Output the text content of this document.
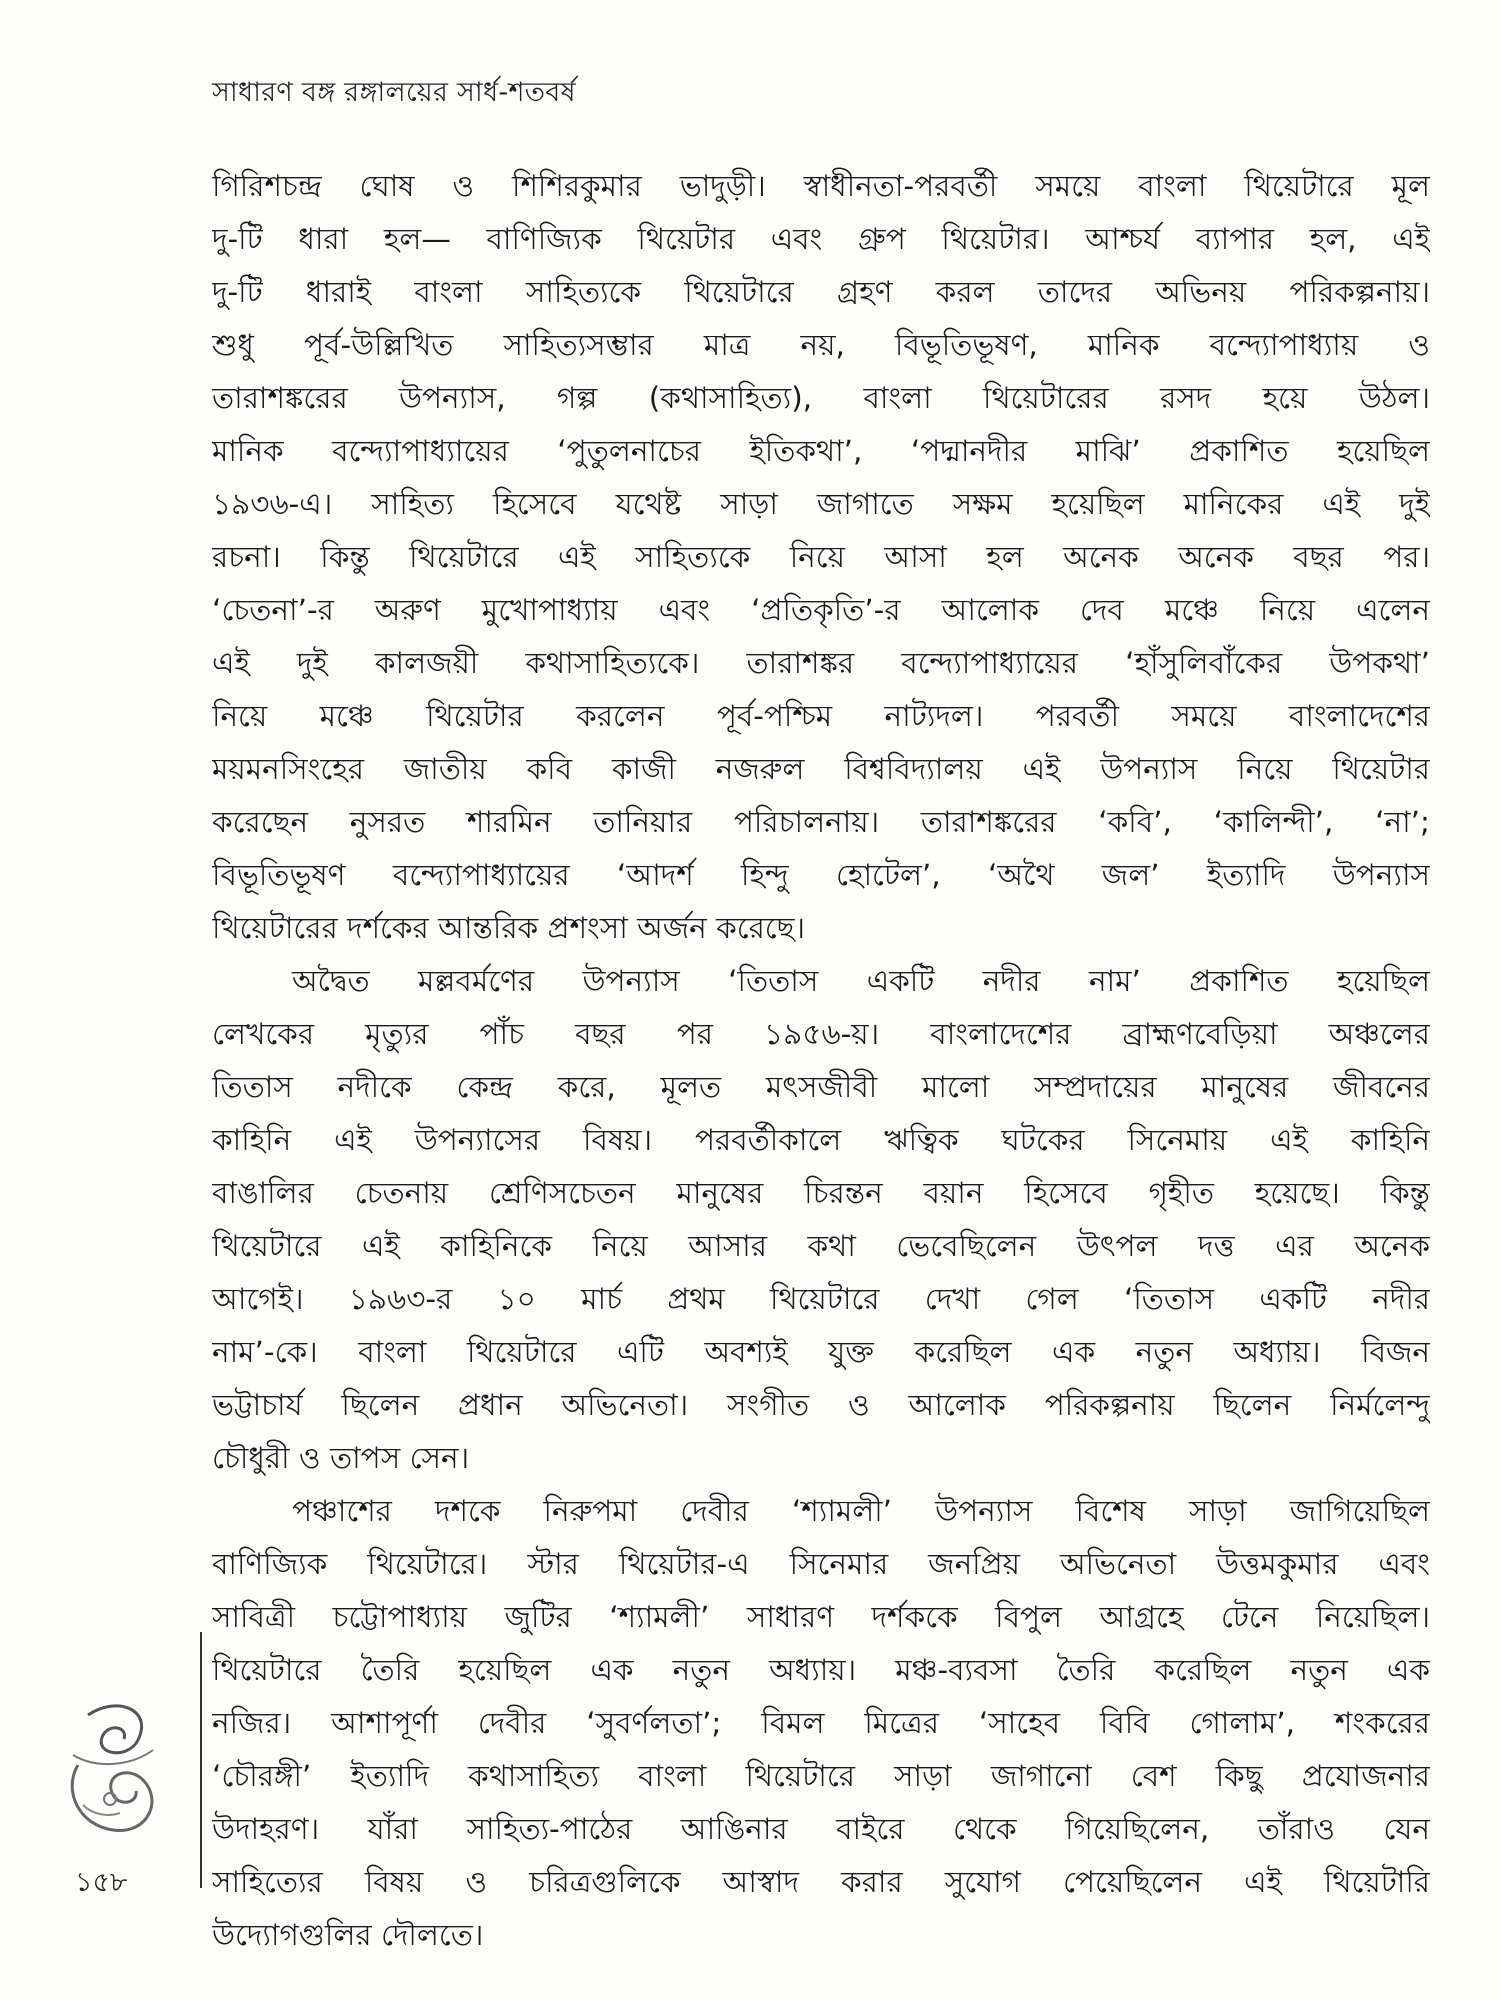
সাধারণ বঙ্গ রঙ্গালয়ের সার্ধ-শতবর্ষ
গিরিশচন্দ্র ঘোষ ও শিশিরকুমার ভাদুড়ী। স্বাধীনতা-পরবর্তী সময়ে বাংলা থিয়েটারে মূল
দু-টি ধারা হল— বাণিজ্যিক থিয়েটার এবং গ্রুপ থিয়েটার। আশ্চর্য ব্যাপার হল, এই
দু-টি ধারাই বাংলা সাহিত্যকে থিয়েটারে গ্রহণ করল তাদের অভিনয় পরিকল্পনায়।
শুধু পূর্ব-উল্লিখিত সাহিত্যসম্ভার মাত্র নয়, বিভূতিভূষণ, মানিক বন্দ্যোপাধ্যায় ও
তারাশঙ্করের উপন্যাস, গল্প (কথাসাহিত্য), বাংলা থিয়েটারের রসদ হয়ে উঠল।
মানিক বন্দ্যোপাধ্যায়ের ‘পুতুলনাচের ইতিকথা’, ‘পদ্মানদীর মাঝি’ প্রকাশিত হয়েছিল
১৯৩৬-এ। সাহিত্য হিসেবে যথেষ্ট সাড়া জাগাতে সক্ষম হয়েছিল মানিকের এই দুই
রচনা। কিন্তু থিয়েটারে এই সাহিত্যকে নিয়ে আসা হল অনেক অনেক বছর পর।
‘চেতনা’-র অরুণ মুখোপাধ্যায় এবং ‘প্রতিকৃতি’-র আলোক দেব মঞ্চে নিয়ে এলেন
এই দুই কালজয়ী কথাসাহিত্যকে। তারাশঙ্কর বন্দ্যোপাধ্যায়ের ‘হাঁসুলিবাঁকের উপকথা’
নিয়ে মঞ্চে থিয়েটার করলেন পূর্ব-পশ্চিম নাট্যদল। পরবর্তী সময়ে বাংলাদেশের
ময়মনসিংহের জাতীয় কবি কাজী নজরুল বিশ্ববিদ্যালয় এই উপন্যাস নিয়ে থিয়েটার
করেছেন নুসরত শারমিন তানিয়ার পরিচালনায়। তারাশঙ্করের ‘কবি’, ‘কালিন্দী’, ‘না’;
বিভূতিভূষণ বন্দ্যোপাধ্যায়ের ‘আদর্শ হিন্দু হোটেল’, ‘অথৈ জল’ ইত্যাদি উপন্যাস
থিয়েটারের দর্শকের আন্তরিক প্রশংসা অর্জন করেছে।
অদ্বৈত মল্লবর্মণের উপন্যাস ‘তিতাস একটি নদীর নাম’ প্রকাশিত হয়েছিল
লেখকের মৃত্যুর পাঁচ বছর পর ১৯৫৬-য়। বাংলাদেশের ব্রাহ্মণবেড়িয়া অঞ্চলের
তিতাস নদীকে কেন্দ্র করে, মূলত মৎসজীবী মালো সম্প্রদায়ের মানুষের জীবনের
কাহিনি এই উপন্যাসের বিষয়। পরবর্তীকালে ঋত্বিক ঘটকের সিনেমায় এই কাহিনি
বাঙালির চেতনায় শ্রেণিসচেতন মানুষের চিরন্তন বয়ান হিসেবে গৃহীত হয়েছে। কিন্তু
থিয়েটারে এই কাহিনিকে নিয়ে আসার কথা ভেবেছিলেন উৎপল দত্ত এর অনেক
আগেই। ১৯৬৩-র ১০ মার্চ প্রথম থিয়েটারে দেখা গেল ‘তিতাস একটি নদীর
নাম’-কে। বাংলা থিয়েটারে এটি অবশ্যই যুক্ত করেছিল এক নতুন অধ্যায়। বিজন
ভট্টাচার্য ছিলেন প্রধান অভিনেতা। সংগীত ও আলোক পরিকল্পনায় ছিলেন নির্মলেন্দু
চৌধুরী ও তাপস সেন।
পঞ্চাশের দশকে নিরুপমা দেবীর ‘শ্যামলী’ উপন্যাস বিশেষ সাড়া জাগিয়েছিল
বাণিজ্যিক থিয়েটারে। স্টার থিয়েটার-এ সিনেমার জনপ্রিয় অভিনেতা উত্তমকুমার এবং
সাবিত্রী চট্টোপাধ্যায় জুটির ‘শ্যামলী’ সাধারণ দর্শককে বিপুল আগ্রহে টেনে নিয়েছিল।
থিয়েটারে তৈরি হয়েছিল এক নতুন অধ্যায়। মঞ্চ-ব্যবসা তৈরি করেছিল নতুন এক
নজির। আশাপূর্ণা দেবীর ‘সুবর্ণলতা’; বিমল মিত্রের ‘সাহেব বিবি গোলাম’, শংকরের
‘চৌরঙ্গী’ ইত্যাদি কথাসাহিত্য বাংলা থিয়েটারে সাড়া জাগানো বেশ কিছু প্রযোজনার
উদাহরণ। যাঁরা সাহিত্য-পাঠের আঙিনার বাইরে থেকে গিয়েছিলেন, তাঁরাও যেন
সাহিত্যের বিষয় ও চরিত্রগুলিকে আস্বাদ করার সুযোগ পেয়েছিলেন এই থিয়েটারি
উদ্যোগগুলির দৌলতে।
১৫৮
